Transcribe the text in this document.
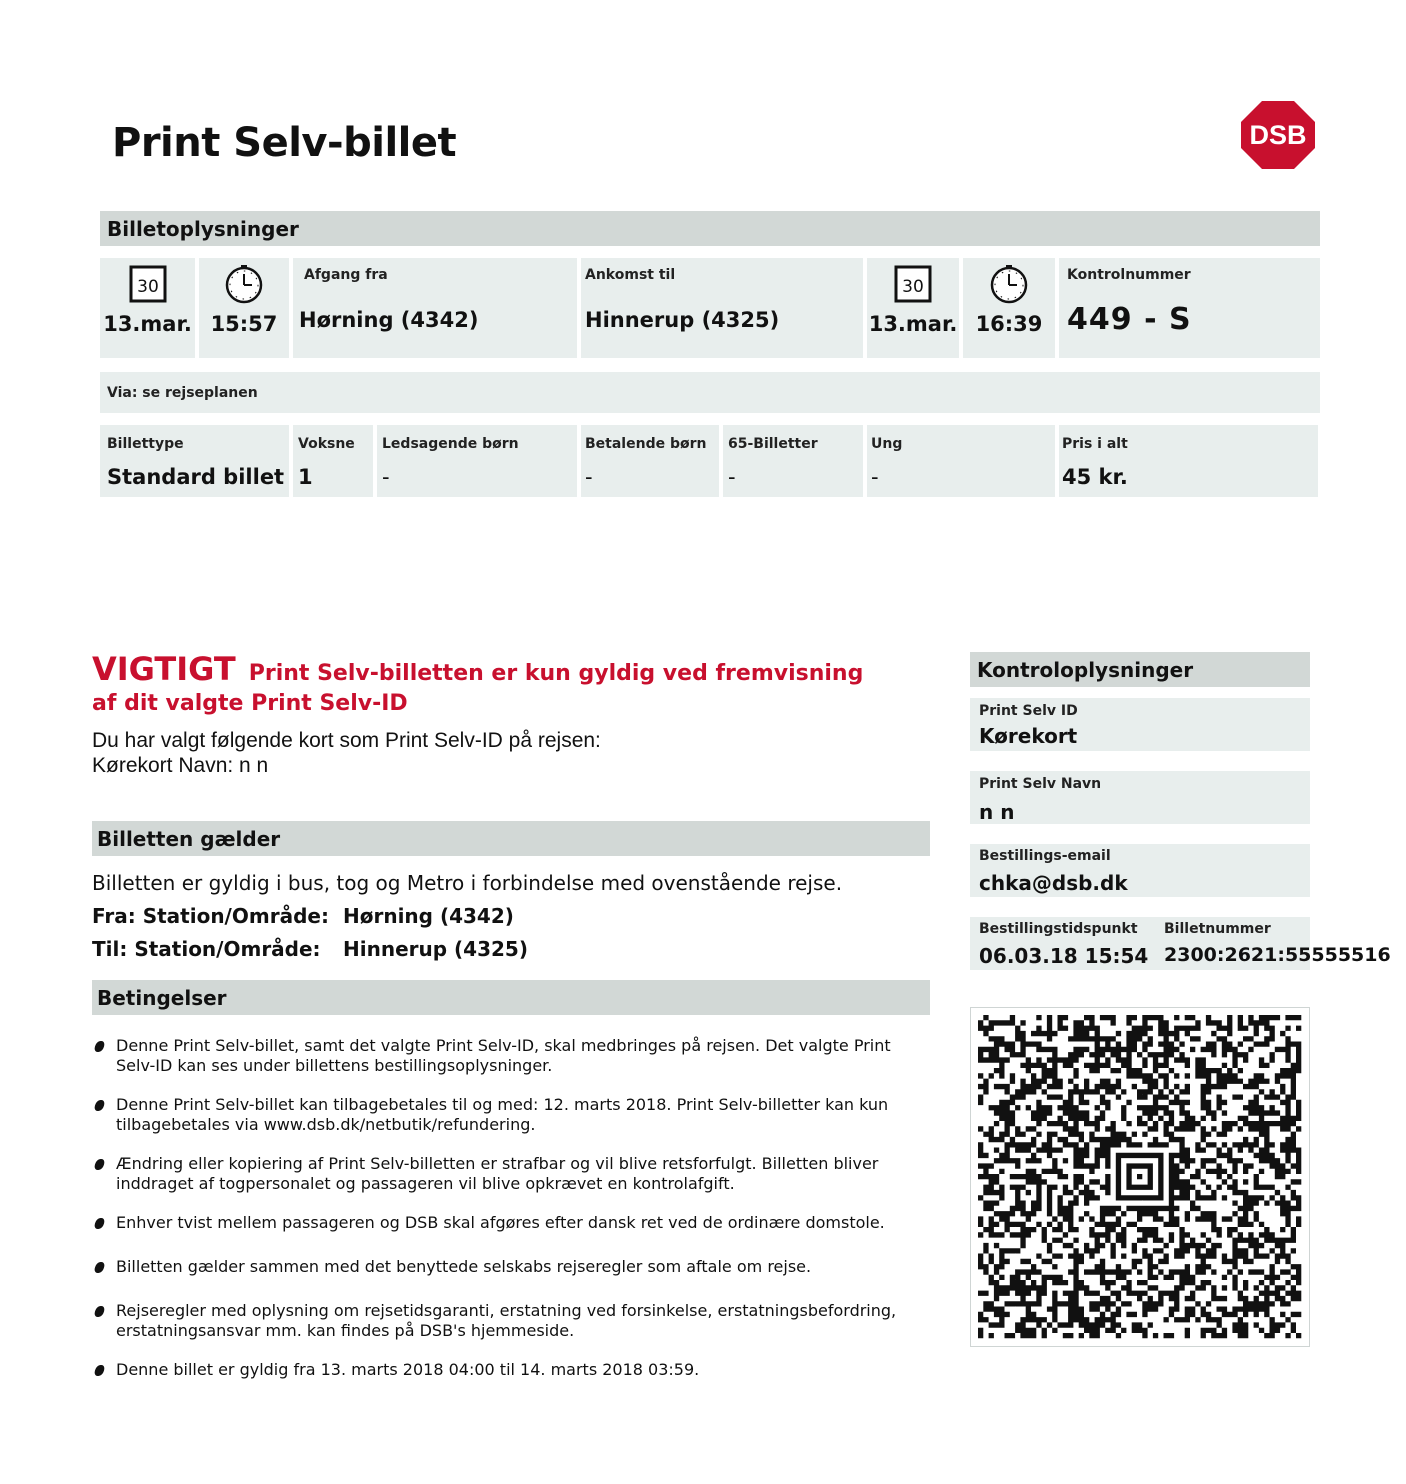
Print Selv-billet	DSB
Billetoplysninger
30
13.mar. 15:57
Afgang fra
Hørning (4342)
Ankomst til
Hinnerup (4325)
30
13.mar. 16:39
Kontrolnummer
449 - S
Via: se rejseplanen
Billettype
Standard billet
Voksne
1
Ledsagende børn
-
Betalende børn
-
65-Billetter
-
Ung
-
Pris i alt
45 kr.
VIGTIGT Print Selv-billetten er kun gyldig ved fremvisning
af dit valgte Print Selv-ID
Du har valgt følgende kort som Print Selv-ID på rejsen:
Kørekort Navn: n n
Billetten gælder
Billetten er gyldig i bus, tog og Metro i forbindelse med ovenstående rejse.
Fra: Station/Område: Hørning (4342)
Til: Station/Område: Hinnerup (4325)
Betingelser
Denne Print Selv-billet, samt det valgte Print Selv-ID, skal medbringes på rejsen. Det valgte Print Selv-ID kan ses under billettens bestillingsoplysninger.
Denne Print Selv-billet kan tilbagebetales til og med: 12. marts 2018. Print Selv-billetter kan kun tilbagebetales via www.dsb.dk/netbutik/refundering.
Ændring eller kopiering af Print Selv-billetten er strafbar og vil blive retsforfulgt. Billetten bliver inddraget af togpersonalet og passageren vil blive opkrævet en kontrolafgift.
Enhver tvist mellem passageren og DSB skal afgøres efter dansk ret ved de ordinære domstole.
Billetten gælder sammen med det benyttede selskabs rejseregler som aftale om rejse.
Rejseregler med oplysning om rejsetidsgaranti, erstatning ved forsinkelse, erstatningsbefordring, erstatningsansvar mm. kan findes på DSB's hjemmeside.
Denne billet er gyldig fra 13. marts 2018 04:00 til 14. marts 2018 03:59.
Kontroloplysninger
Print Selv ID
Kørekort
Print Selv Navn
n n
Bestillings-email
chka@dsb.dk
Bestillingstidspunkt
06.03.18 15:54
Billetnummer
2300:2621:55555516
